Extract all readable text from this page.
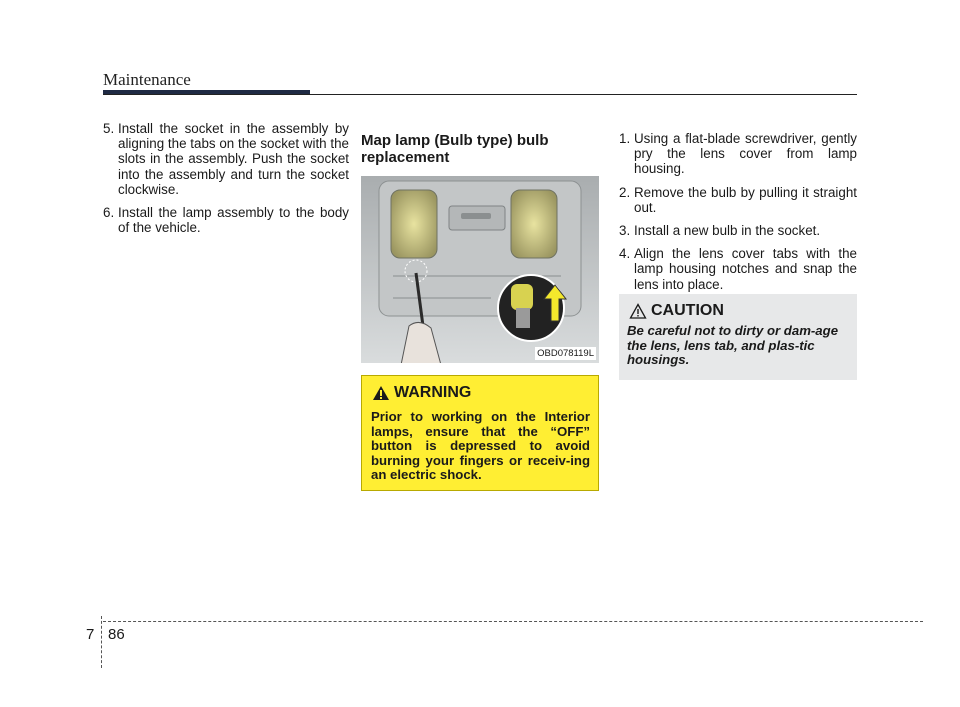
Maintenance
5. Install the socket in the assembly by aligning the tabs on the socket with the slots in the assembly. Push the socket into the assembly and turn the socket clockwise.
6. Install the lamp assembly to the body of the vehicle.
Map lamp (Bulb type) bulb replacement
OBD078119L
WARNING
Prior to working on the Interior lamps, ensure that the “OFF” button is depressed to avoid burning your fingers or receiv-ing an electric shock.
1. Using a flat-blade screwdriver, gently pry the lens cover from lamp housing.
2. Remove the bulb by pulling it straight out.
3. Install a new bulb in the socket.
4. Align the lens cover tabs with the lamp housing notches and snap the lens into place.
CAUTION
Be careful not to dirty or dam-age the lens, lens tab, and plas-tic housings.
7 86
